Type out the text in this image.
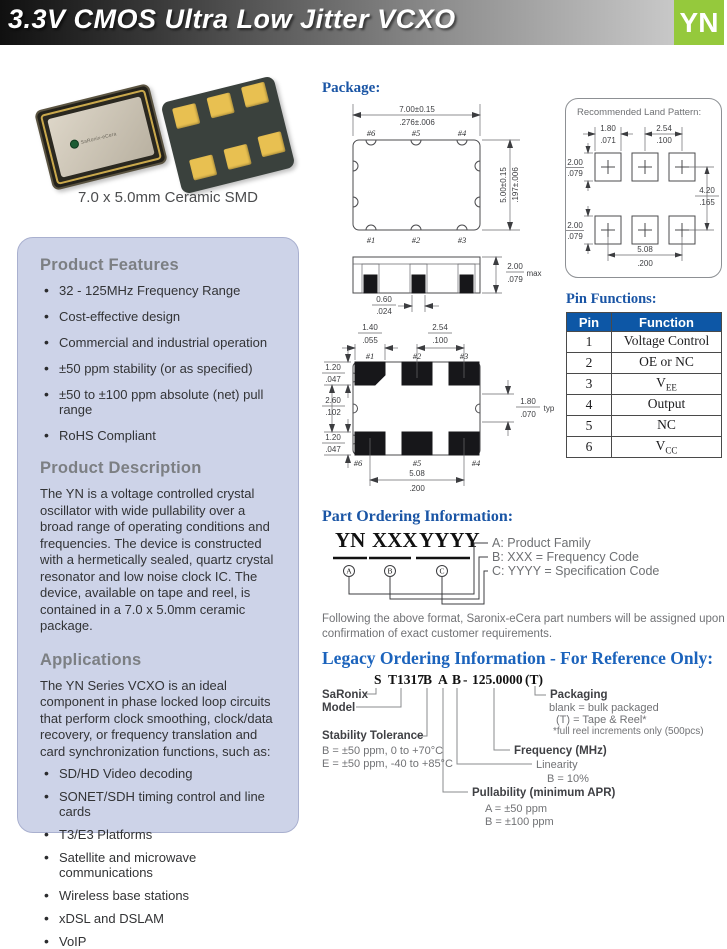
3.3V CMOS Ultra Low Jitter VCXO	YN
SaRonix-eCera
7.0 x 5.0mm Ceramic SMD
Product Features
• 32 - 125MHz Frequency Range
• Cost-effective design
• Commercial and industrial operation
• ±50 ppm stability (or as specified)
• ±50 to ±100 ppm absolute (net) pull range
• RoHS Compliant
Product Description

The YN is a voltage controlled crystal oscillator with wide pullability over a broad range of operating conditions and frequencies. The device is constructed with a hermetically sealed, quartz crystal resonator and low noise clock IC. The device, available on tape and reel, is contained in a 7.0 x 5.0mm ceramic package.

Applications

The YN Series VCXO is an ideal component in phase locked loop circuits that perform clock smoothing, clock/data recovery, or frequency translation and card synchronization functions, such as:

• SD/HD Video decoding
• SONET/SDH timing control and line cards
• T3/E3 Platforms
• Satellite and microwave communications
• Wireless base stations
• xDSL and DSLAM
• VoIP
Package:
7.00±0.15
.276±.006
5.00±0.15 .197±.006
#6	#5	#4
#1	#2	#3
2.00
.079
max
0.60
.024
1.40
.055
2.54
.100
1.20
.047
2.60
.102
1.20
.047
1.80
.070
typ
5.08
.200
#1	#2	#3
#6	#5	#4
Recommended Land Pattern:
1.80
.071
2.54
.100
2.00
.079
2.00
.079
4.20
.165
5.08
.200
Pin Functions:
Pin	Function
1	Voltage Control
2	OE or NC
3	$V_{EE}$
4	Output
5	NC
6	$V_{CC}$
Part Ordering Information:
YN XXX YYYY
A	B	C
A: Product Family
B: XXX = Frequency Code
C: YYYY = Specification Code

Following the above format, Saronix-eCera part numbers will be assigned upon confirmation of exact customer requirements.

Legacy Ordering Information - For Reference Only:
S T1317
B A B - 125.0000 (T)
SaRonix
Model
Stability Tolerance
B = ±50 ppm, 0 to +70°C
E = ±50 ppm, -40 to +85°C
Pullability (minimum APR)
A = ±50 ppm
B = ±100 ppm
Linearity
B = 10%
Frequency (MHz)
Packaging
blank = bulk packaged
(T) = Tape & Reel*
*full reel increments only (500pcs)
